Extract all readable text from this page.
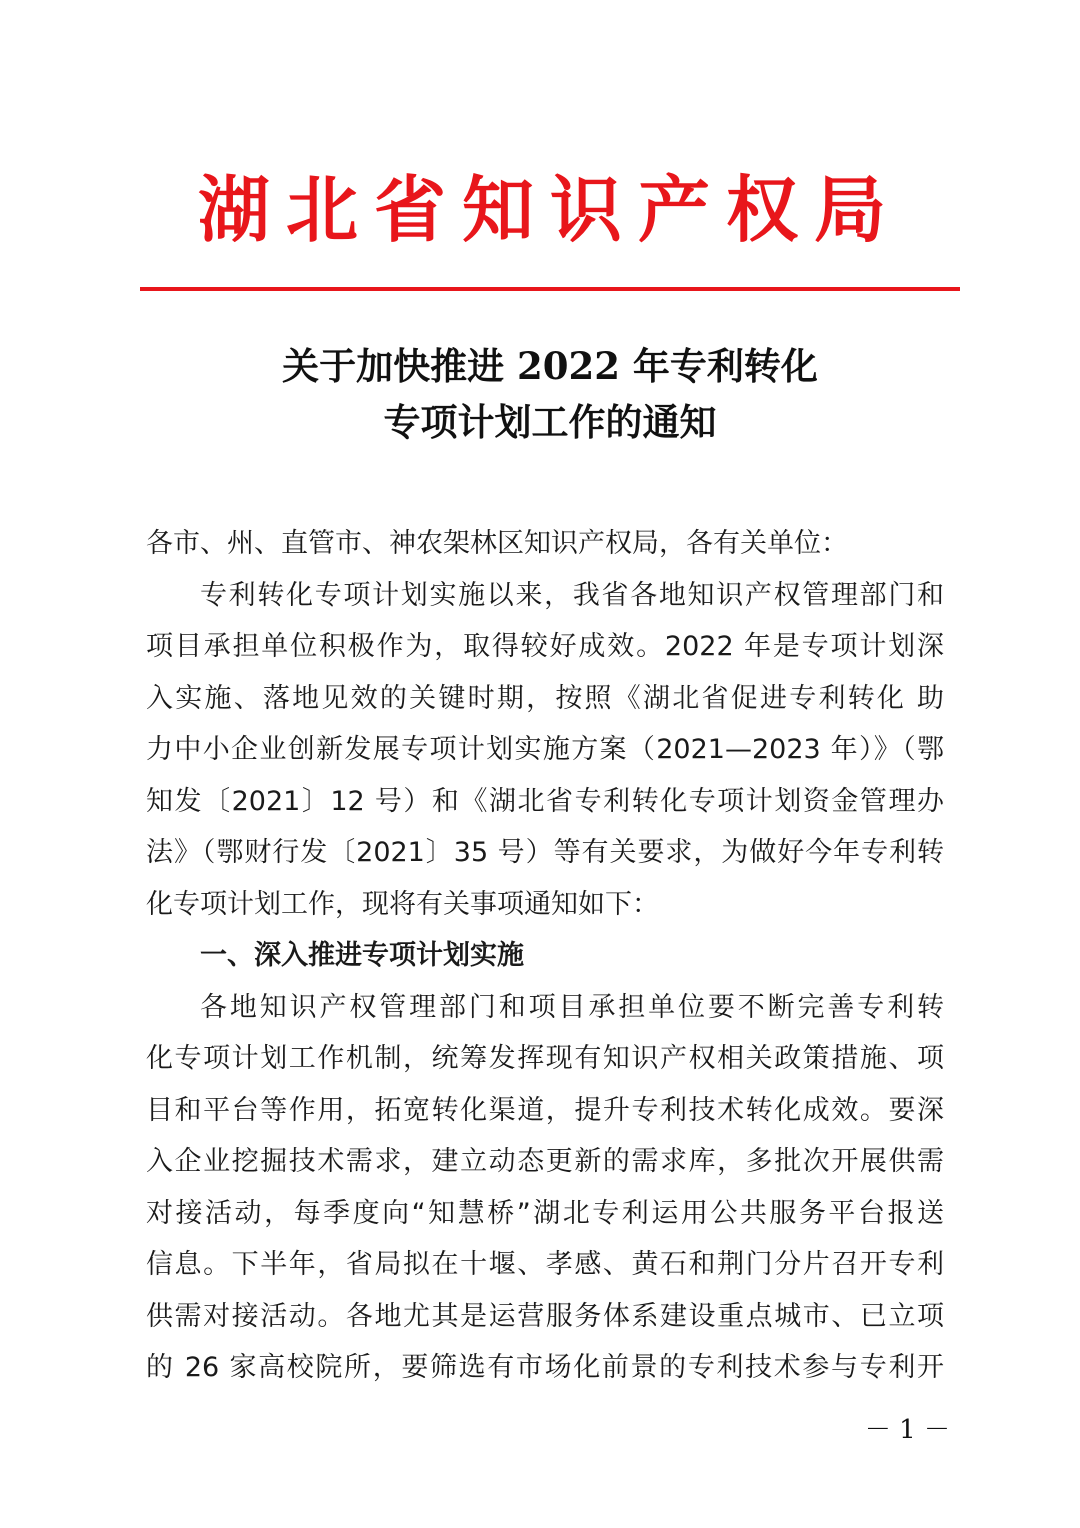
湖北省知识产权局
关于加快推进 2022 年专利转化
专项计划工作的通知
各市、州、直管市、神农架林区知识产权局，各有关单位：
专利转化专项计划实施以来，我省各地知识产权管理部门和
项目承担单位积极作为，取得较好成效。2022 年是专项计划深
入实施、落地见效的关键时期，按照《湖北省促进专利转化 助
力中小企业创新发展专项计划实施方案（2021—2023 年）》（鄂
知发〔2021〕12 号）和《湖北省专利转化专项计划资金管理办
法》（鄂财行发〔2021〕35 号）等有关要求，为做好今年专利转
化专项计划工作，现将有关事项通知如下：
一、深入推进专项计划实施
各地知识产权管理部门和项目承担单位要不断完善专利转
化专项计划工作机制，统筹发挥现有知识产权相关政策措施、项
目和平台等作用，拓宽转化渠道，提升专利技术转化成效。要深
入企业挖掘技术需求，建立动态更新的需求库，多批次开展供需
对接活动，每季度向“知慧桥”湖北专利运用公共服务平台报送
信息。下半年，省局拟在十堰、孝感、黄石和荆门分片召开专利
供需对接活动。各地尤其是运营服务体系建设重点城市、已立项
的 26 家高校院所，要筛选有市场化前景的专利技术参与专利开
－ 1 －
